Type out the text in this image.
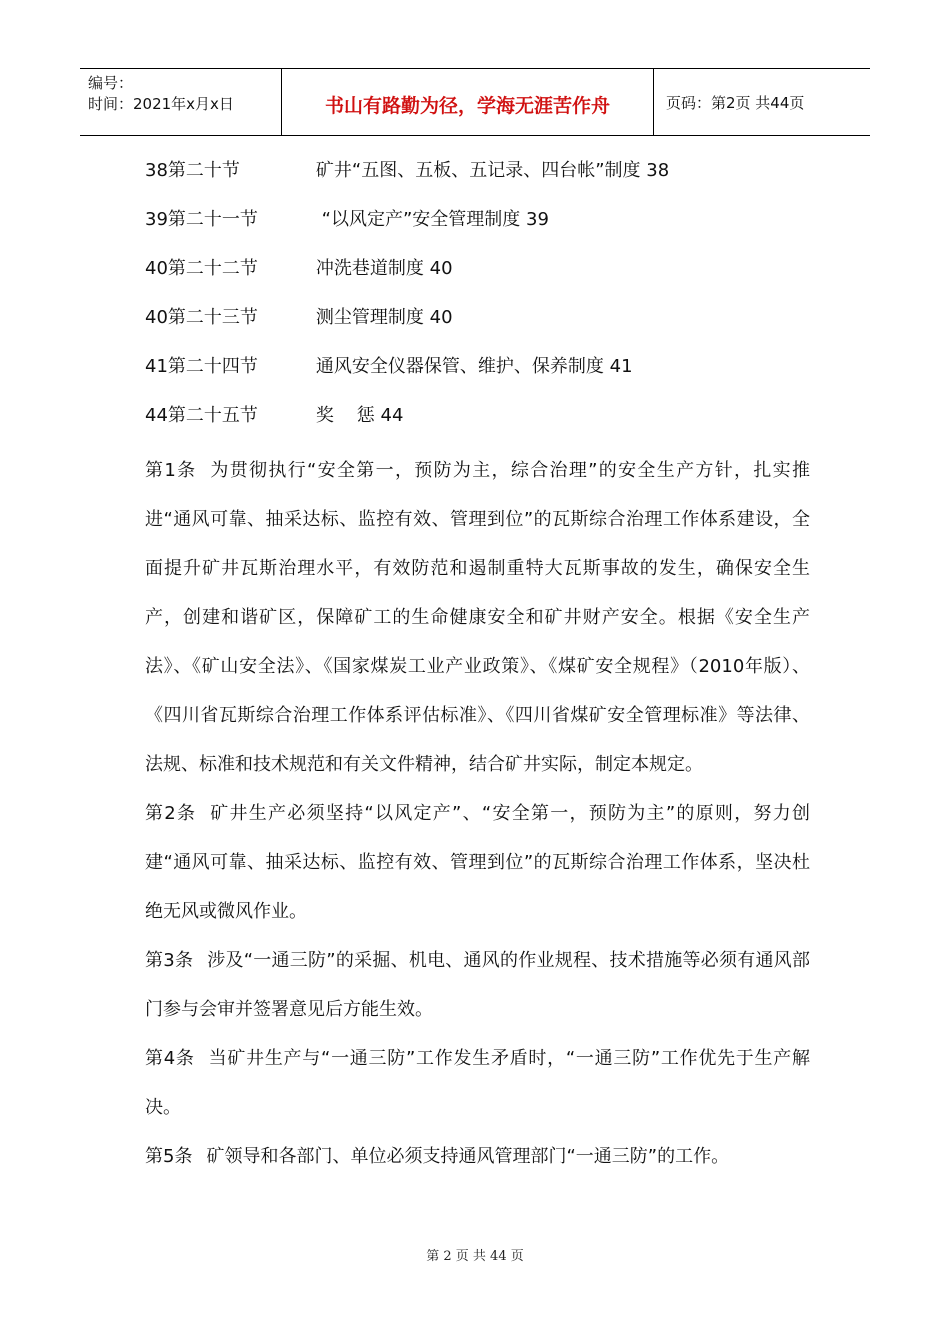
编号：
时间：2021年x月x日	书山有路勤为径，学海无涯苦作舟	页码：第2页 共44页
38第二十节	矿井“五图、五板、五记录、四台帐”制度 38
39第二十一节	“以风定产”安全管理制度 39
40第二十二节	冲洗巷道制度 40
40第二十三节	测尘管理制度 40
41第二十四节	通风安全仪器保管、维护、保养制度 41
44第二十五节	奖    惩 44

第1条 为贯彻执行“安全第一，预防为主，综合治理”的安全生产方针，扎实推进“通风可靠、抽采达标、监控有效、管理到位”的瓦斯综合治理工作体系建设，全面提升矿井瓦斯治理水平，有效防范和遏制重特大瓦斯事故的发生，确保安全生产，创建和谐矿区，保障矿工的生命健康安全和矿井财产安全。根据《安全生产法》、《矿山安全法》、《国家煤炭工业产业政策》、《煤矿安全规程》（2010年版）、《四川省瓦斯综合治理工作体系评估标准》、《四川省煤矿安全管理标准》等法律、法规、标准和技术规范和有关文件精神，结合矿井实际，制定本规定。

第2条 矿井生产必须坚持“以风定产”、“安全第一，预防为主”的原则，努力创建“通风可靠、抽采达标、监控有效、管理到位”的瓦斯综合治理工作体系，坚决杜绝无风或微风作业。

第3条 涉及“一通三防”的采掘、机电、通风的作业规程、技术措施等必须有通风部门参与会审并签署意见后方能生效。

第4条 当矿井生产与“一通三防”工作发生矛盾时，“一通三防”工作优先于生产解决。

第5条 矿领导和各部门、单位必须支持通风管理部门“一通三防”的工作。

第 2 页 共 44 页
